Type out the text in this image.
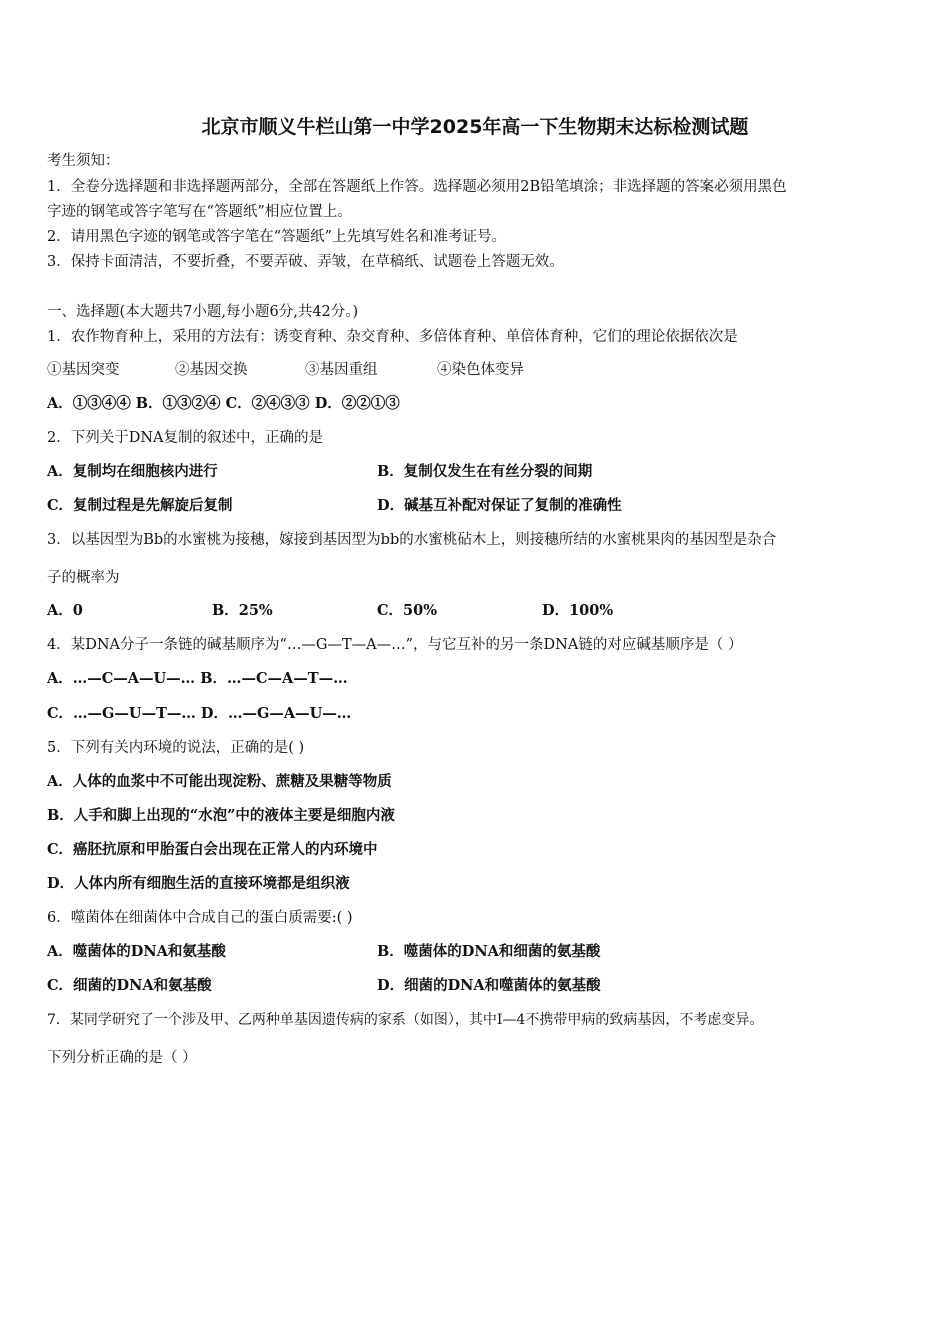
北京市顺义牛栏山第一中学2025年高一下生物期末达标检测试题
考生须知：
1．全卷分选择题和非选择题两部分，全部在答题纸上作答。选择题必须用2B铅笔填涂；非选择题的答案必须用黑色
字迹的钢笔或答字笔写在“答题纸”相应位置上。
2．请用黑色字迹的钢笔或答字笔在“答题纸”上先填写姓名和准考证号。
3．保持卡面清洁，不要折叠，不要弄破、弄皱，在草稿纸、试题卷上答题无效。
一、选择题(本大题共7小题,每小题6分,共42分。)
1．农作物育种上，采用的方法有：诱变育种、杂交育种、多倍体育种、单倍体育种，它们的理论依据依次是
①基因突变	②基因交换	③基因重组	④染色体变异
A．①③④④ B．①③②④ C．②④③③ D．②②①③
2．下列关于DNA复制的叙述中，正确的是
A．复制均在细胞核内进行	B．复制仅发生在有丝分裂的间期
C．复制过程是先解旋后复制	D．碱基互补配对保证了复制的准确性
3．以基因型为Bb的水蜜桃为接穗，嫁接到基因型为bb的水蜜桃砧木上，则接穗所结的水蜜桃果肉的基因型是杂合
子的概率为
A．0	B．25%	C．50%	D．100%
4．某DNA分子一条链的碱基顺序为“…—G—T—A—…”，与它互补的另一条DNA链的对应碱基顺序是（ ）
A．…—C—A—U—… B．…—C—A—T—…
C．…—G—U—T—… D．…—G—A—U—…
5．下列有关内环境的说法，正确的是( )
A．人体的血浆中不可能出现淀粉、蔗糖及果糖等物质
B．人手和脚上出现的“水泡”中的液体主要是细胞内液
C．癌胚抗原和甲胎蛋白会出现在正常人的内环境中
D．人体内所有细胞生活的直接环境都是组织液
6．噬菌体在细菌体中合成自己的蛋白质需要:( )
A．噬菌体的DNA和氨基酸	B．噬菌体的DNA和细菌的氨基酸
C．细菌的DNA和氨基酸	D．细菌的DNA和噬菌体的氨基酸
7．某同学研究了一个涉及甲、乙两种单基因遗传病的家系（如图），其中Ⅰ—4不携带甲病的致病基因，不考虑变异。
下列分析正确的是（ ）
